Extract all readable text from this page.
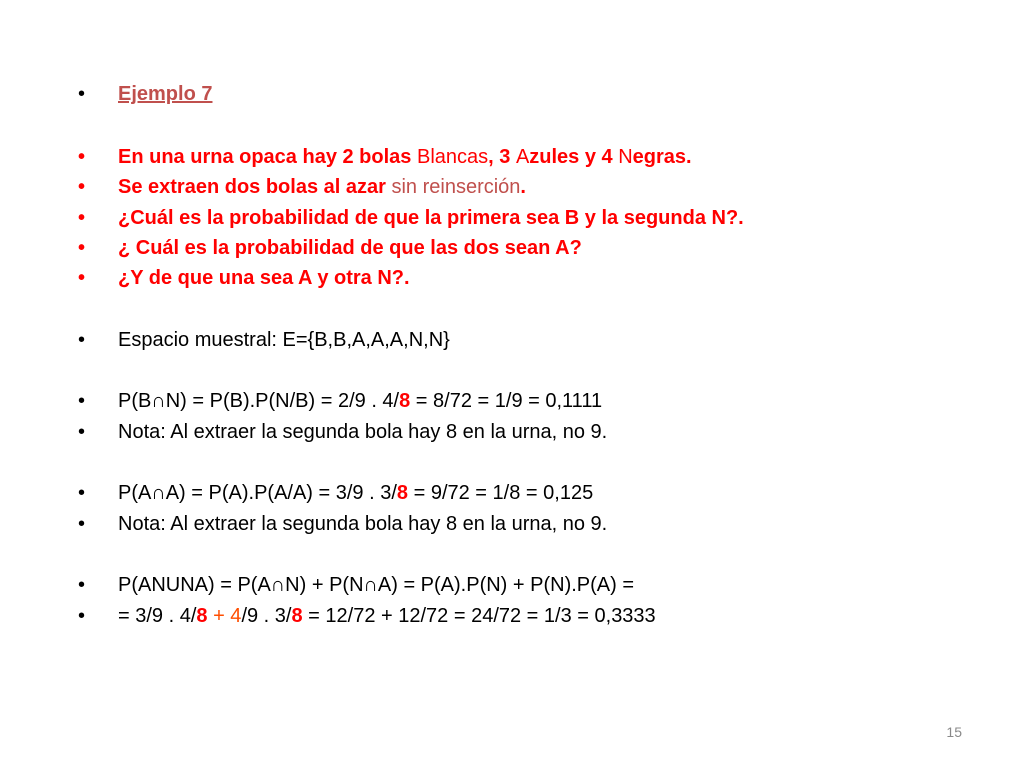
•	Ejemplo 7
•	En una urna opaca hay 2 bolas Blancas, 3 Azules y 4 Negras.
•	Se extraen dos bolas al azar sin reinserción.
•	¿Cuál es la probabilidad de que la primera sea B y la segunda N?.
•	¿ Cuál es la probabilidad de que las dos sean A?
•	¿Y de que una sea A y otra N?.
•	Espacio muestral: E={B,B,A,A,A,N,N}
•	P(B∩N) = P(B).P(N/B) = 2/9 . 4/8 = 8/72 = 1/9 = 0,1111
•	Nota: Al extraer la segunda bola hay 8 en la urna, no 9.
•	P(A∩A) = P(A).P(A/A) = 3/9 . 3/8 = 9/72 = 1/8 = 0,125
•	Nota: Al extraer la segunda bola hay 8 en la urna, no 9.
•	P(ANUNA) = P(A∩N) + P(N∩A) = P(A).P(N) + P(N).P(A) =
•	= 3/9 . 4/8 + 4/9 . 3/8 = 12/72 + 12/72 = 24/72 = 1/3 = 0,3333
15
